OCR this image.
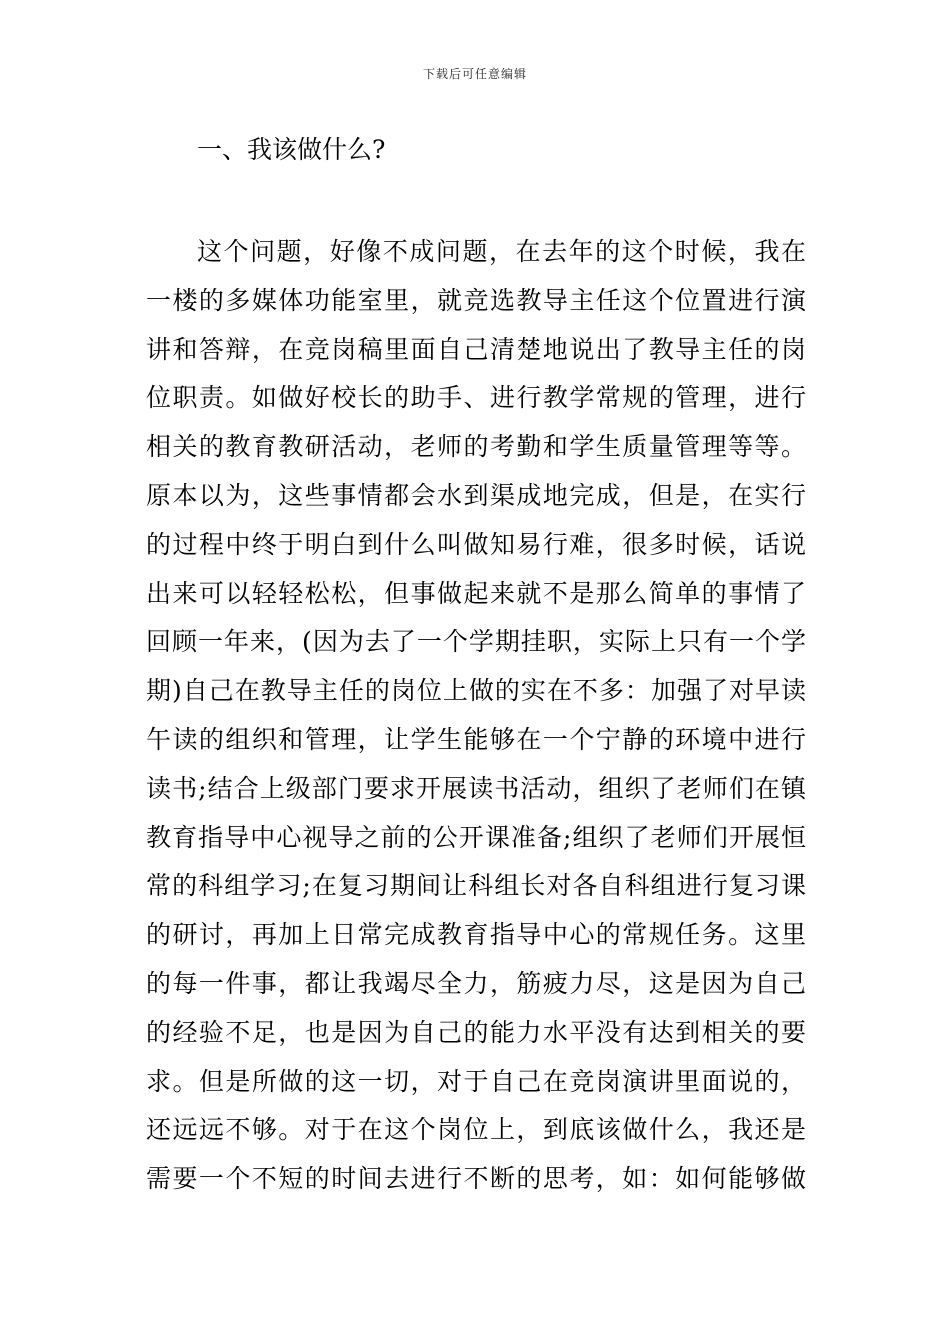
下载后可任意编辑
一、我该做什么?
这个问题，好像不成问题，在去年的这个时候，我在
一楼的多媒体功能室里，就竞选教导主任这个位置进行演
讲和答辩，在竞岗稿里面自己清楚地说出了教导主任的岗
位职责。如做好校长的助手、进行教学常规的管理，进行
相关的教育教研活动，老师的考勤和学生质量管理等等。
原本以为，这些事情都会水到渠成地完成，但是，在实行
的过程中终于明白到什么叫做知易行难，很多时候，话说
出来可以轻轻松松，但事做起来就不是那么简单的事情了
回顾一年来，(因为去了一个学期挂职，实际上只有一个学
期)自己在教导主任的岗位上做的实在不多：加强了对早读
午读的组织和管理，让学生能够在一个宁静的环境中进行
读书;结合上级部门要求开展读书活动，组织了老师们在镇
教育指导中心视导之前的公开课准备;组织了老师们开展恒
常的科组学习;在复习期间让科组长对各自科组进行复习课
的研讨，再加上日常完成教育指导中心的常规任务。这里
的每一件事，都让我竭尽全力，筋疲力尽，这是因为自己
的经验不足，也是因为自己的能力水平没有达到相关的要
求。但是所做的这一切，对于自己在竞岗演讲里面说的，
还远远不够。对于在这个岗位上，到底该做什么，我还是
需要一个不短的时间去进行不断的思考，如：如何能够做
